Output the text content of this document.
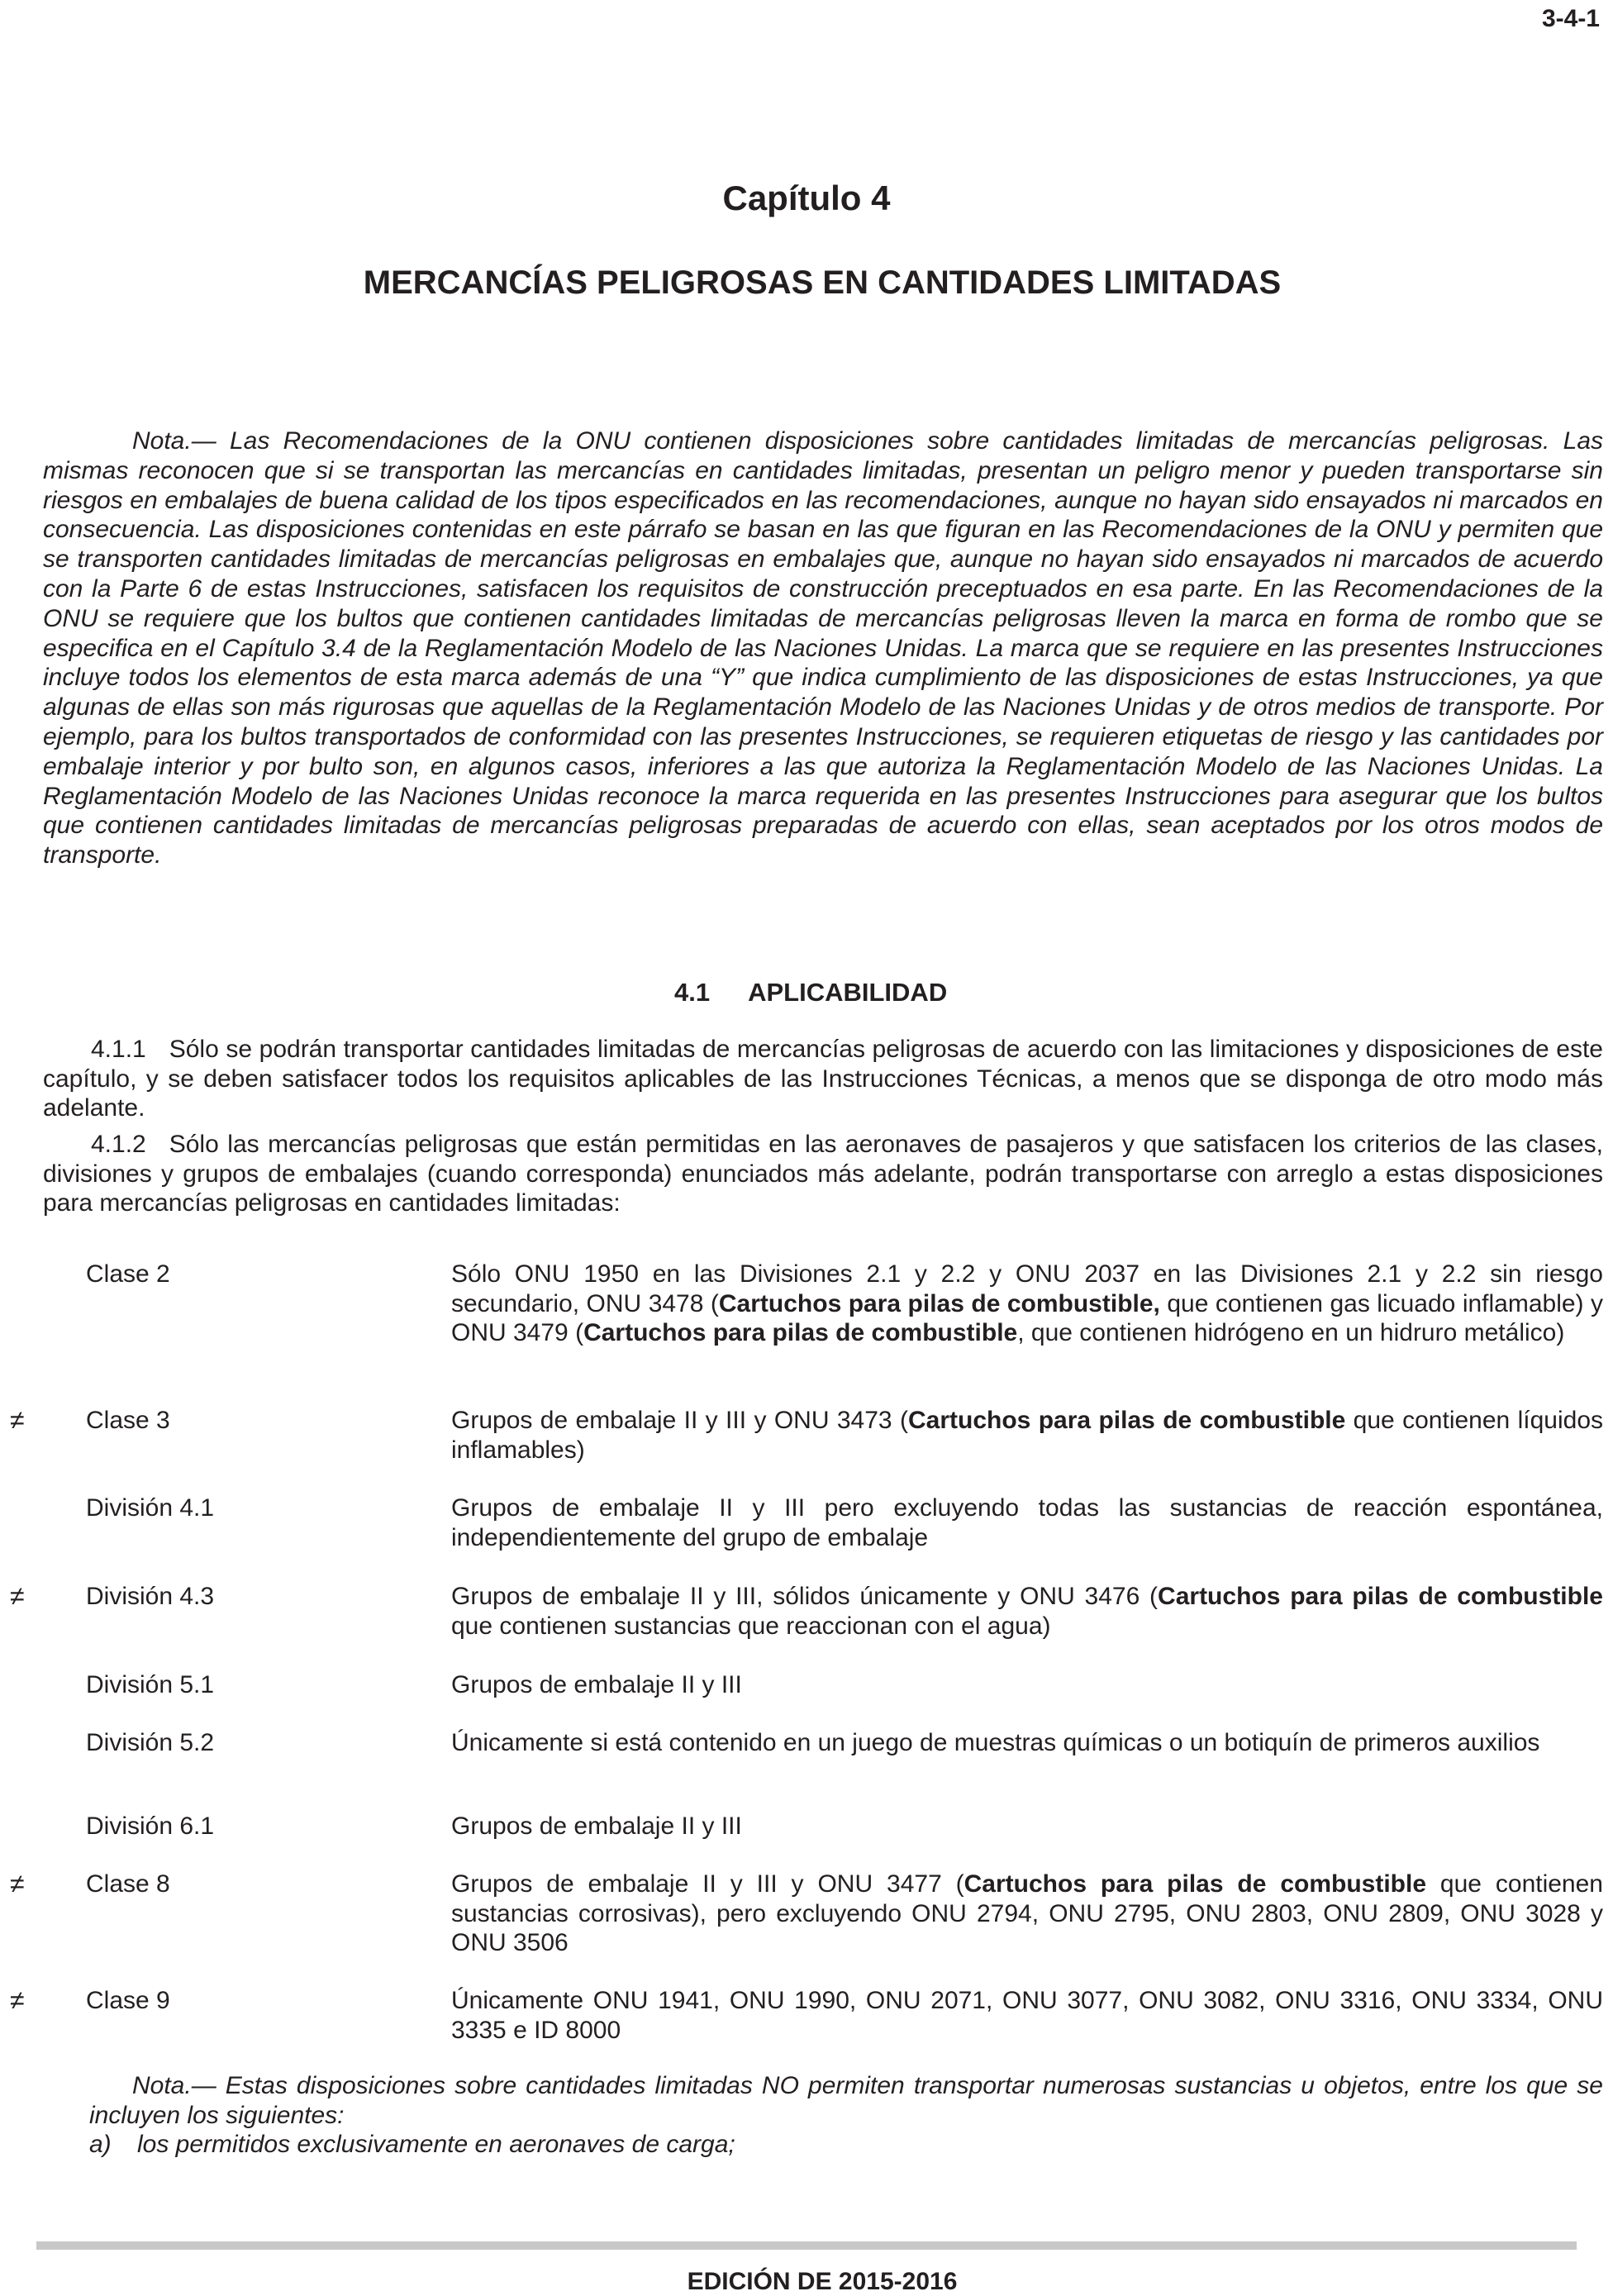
3-4-1
Capítulo 4
MERCANCÍAS PELIGROSAS EN CANTIDADES LIMITADAS

Nota.— Las Recomendaciones de la ONU contienen disposiciones sobre cantidades limitadas de mercancías peligrosas. Las mismas reconocen que si se transportan las mercancías en cantidades limitadas, presentan un peligro menor y pueden transportarse sin riesgos en embalajes de buena calidad de los tipos especificados en las recomendaciones, aunque no hayan sido ensayados ni marcados en consecuencia. Las disposiciones contenidas en este párrafo se basan en las que figuran en las Recomendaciones de la ONU y permiten que se transporten cantidades limitadas de mercancías peligrosas en embalajes que, aunque no hayan sido ensayados ni marcados de acuerdo con la Parte 6 de estas Instrucciones, satisfacen los requisitos de construcción preceptuados en esa parte. En las Recomendaciones de la ONU se requiere que los bultos que contienen cantidades limitadas de mercancías peligrosas lleven la marca en forma de rombo que se especifica en el Capítulo 3.4 de la Reglamentación Modelo de las Naciones Unidas. La marca que se requiere en las presentes Instrucciones incluye todos los elementos de esta marca además de una “Y” que indica cumplimiento de las disposiciones de estas Instrucciones, ya que algunas de ellas son más rigurosas que aquellas de la Reglamentación Modelo de las Naciones Unidas y de otros medios de transporte. Por ejemplo, para los bultos transportados de conformidad con las presentes Instrucciones, se requieren etiquetas de riesgo y las cantidades por embalaje interior y por bulto son, en algunos casos, inferiores a las que autoriza la Reglamentación Modelo de las Naciones Unidas. La Reglamentación Modelo de las Naciones Unidas reconoce la marca requerida en las presentes Instrucciones para asegurar que los bultos que contienen cantidades limitadas de mercancías peligrosas preparadas de acuerdo con ellas, sean aceptados por los otros modos de transporte.

4.1 APLICABILIDAD

4.1.1 Sólo se podrán transportar cantidades limitadas de mercancías peligrosas de acuerdo con las limitaciones y disposiciones de este capítulo, y se deben satisfacer todos los requisitos aplicables de las Instrucciones Técnicas, a menos que se disponga de otro modo más adelante.

4.1.2 Sólo las mercancías peligrosas que están permitidas en las aeronaves de pasajeros y que satisfacen los criterios de las clases, divisiones y grupos de embalajes (cuando corresponda) enunciados más adelante, podrán transportarse con arreglo a estas disposiciones para mercancías peligrosas en cantidades limitadas:

Clase 2	Sólo ONU 1950 en las Divisiones 2.1 y 2.2 y ONU 2037 en las Divisiones 2.1 y 2.2 sin riesgo secundario, ONU 3478 (Cartuchos para pilas de combustible, que contienen gas licuado inflamable) y ONU 3479 (Cartuchos para pilas de combustible, que contienen hidrógeno en un hidruro metálico)

≠ Clase 3	Grupos de embalaje II y III y ONU 3473 (Cartuchos para pilas de combustible que contienen líquidos inflamables)

División 4.1	Grupos de embalaje II y III pero excluyendo todas las sustancias de reacción espontánea, independientemente del grupo de embalaje

≠ División 4.3	Grupos de embalaje II y III, sólidos únicamente y ONU 3476 (Cartuchos para pilas de combustible que contienen sustancias que reaccionan con el agua)

División 5.1	Grupos de embalaje II y III

División 5.2	Únicamente si está contenido en un juego de muestras químicas o un botiquín de primeros auxilios

División 6.1	Grupos de embalaje II y III

≠ Clase 8	Grupos de embalaje II y III y ONU 3477 (Cartuchos para pilas de combustible que contienen sustancias corrosivas), pero excluyendo ONU 2794, ONU 2795, ONU 2803, ONU 2809, ONU 3028 y ONU 3506

≠ Clase 9	Únicamente ONU 1941, ONU 1990, ONU 2071, ONU 3077, ONU 3082, ONU 3316, ONU 3334, ONU 3335 e ID 8000

Nota.— Estas disposiciones sobre cantidades limitadas NO permiten transportar numerosas sustancias u objetos, entre los que se incluyen los siguientes:

a) los permitidos exclusivamente en aeronaves de carga;
EDICIÓN DE 2015-2016
